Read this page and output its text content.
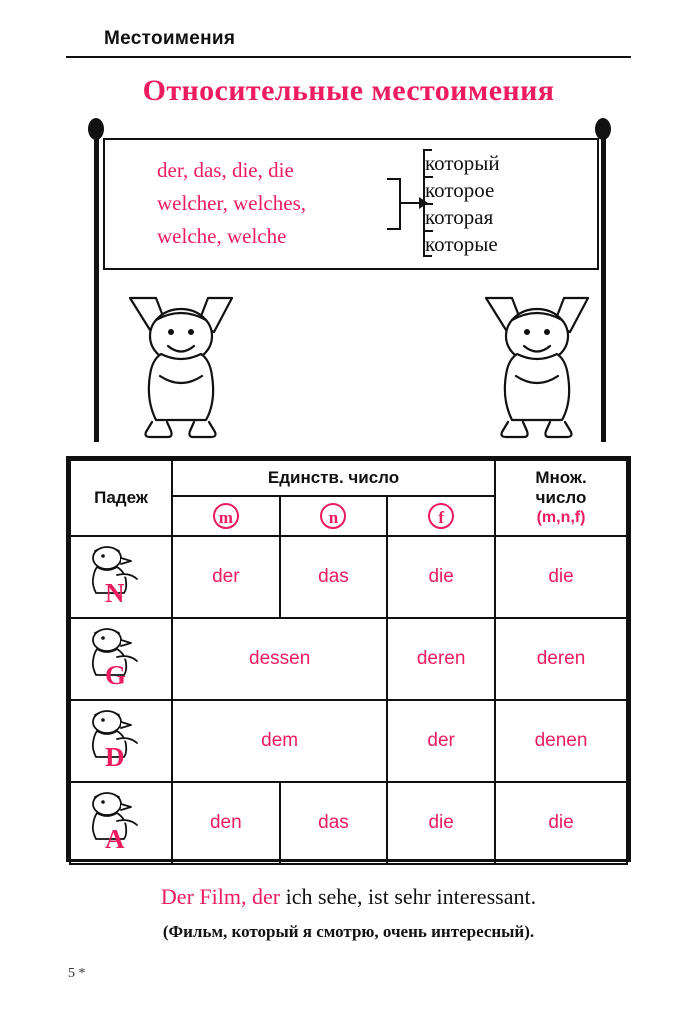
Местоимения
Относительные местоимения
der, das, die, die
welcher, welches,
welche, welche
который
которое
которая
которые
Падеж	Единств. число			Множ.
число
(m,n,f)

	m	n	f	

N	der	das	die	die

G	dessen		deren	deren

D	dem		der	denen

A	den	das	die	die
Der Film, der ich sehe, ist sehr interessant.
(Фильм, который я смотрю, очень интересный).
5 *
